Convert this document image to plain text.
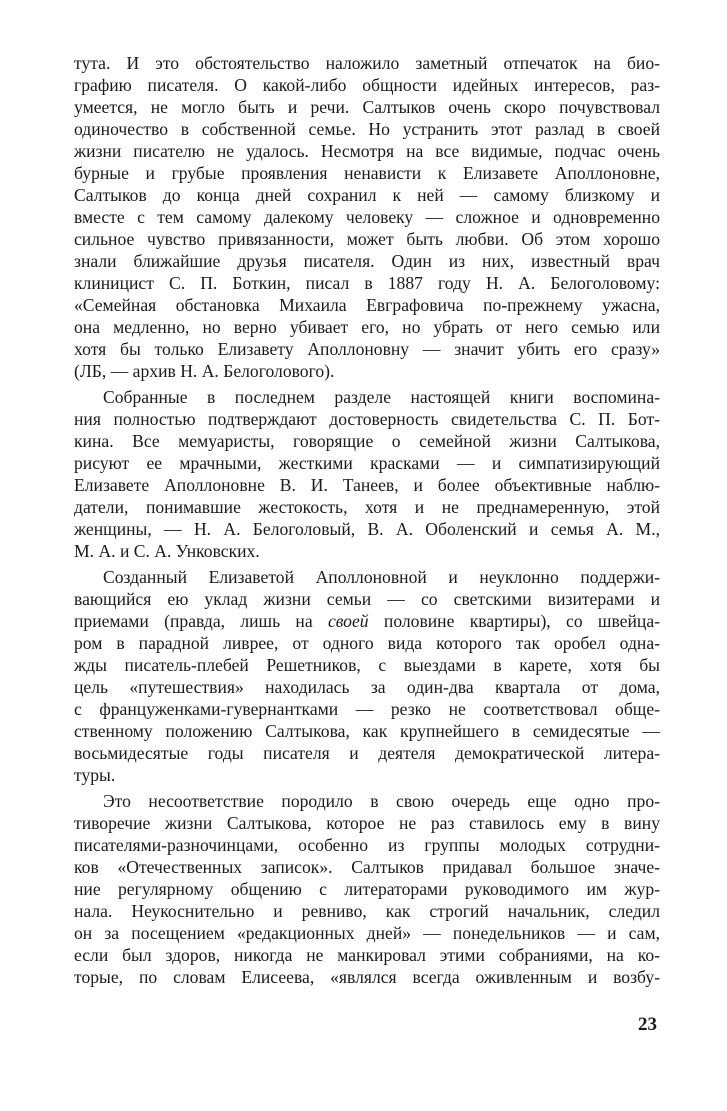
тута. И это обстоятельство наложило заметный отпечаток на био-
графию писателя. О какой-либо общности идейных интересов, раз-
умеется, не могло быть и речи. Салтыков очень скоро почувствовал
одиночество в собственной семье. Но устранить этот разлад в своей
жизни писателю не удалось. Несмотря на все видимые, подчас очень
бурные и грубые проявления ненависти к Елизавете Аполлоновне,
Салтыков до конца дней сохранил к ней — самому близкому и
вместе с тем самому далекому человеку — сложное и одновременно
сильное чувство привязанности, может быть любви. Об этом хорошо
знали ближайшие друзья писателя. Один из них, известный врач
клиницист С. П. Боткин, писал в 1887 году Н. А. Белоголовому:
«Семейная обстановка Михаила Евграфовича по-прежнему ужасна,
она медленно, но верно убивает его, но убрать от него семью или
хотя бы только Елизавету Аполлоновну — значит убить его сразу»
(ЛБ, — архив Н. А. Белоголового).
Собранные в последнем разделе настоящей книги воспомина-
ния полностью подтверждают достоверность свидетельства С. П. Бот-
кина. Все мемуаристы, говорящие о семейной жизни Салтыкова,
рисуют ее мрачными, жесткими красками — и симпатизирующий
Елизавете Аполлоновне В. И. Танеев, и более объективные наблю-
датели, понимавшие жестокость, хотя и не преднамеренную, этой
женщины, — Н. А. Белоголовый, В. А. Оболенский и семья А. М.,
М. А. и С. А. Унковских.
Созданный Елизаветой Аполлоновной и неуклонно поддержи-
вающийся ею уклад жизни семьи — со светскими визитерами и
приемами (правда, лишь на своей половине квартиры), со швейца-
ром в парадной ливрее, от одного вида которого так оробел одна-
жды писатель-плебей Решетников, с выездами в карете, хотя бы
цель «путешествия» находилась за один-два квартала от дома,
с француженками-гувернантками — резко не соответствовал обще-
ственному положению Салтыкова, как крупнейшего в семидесятые —
восьмидесятые годы писателя и деятеля демократической литера-
туры.
Это несоответствие породило в свою очередь еще одно про-
тиворечие жизни Салтыкова, которое не раз ставилось ему в вину
писателями-разночинцами, особенно из группы молодых сотрудни-
ков «Отечественных записок». Салтыков придавал большое значе-
ние регулярному общению с литераторами руководимого им жур-
нала. Неукоснительно и ревниво, как строгий начальник, следил
он за посещением «редакционных дней» — понедельников — и сам,
если был здоров, никогда не манкировал этими собраниями, на ко-
торые, по словам Елисеева, «являлся всегда оживленным и возбу-
23
